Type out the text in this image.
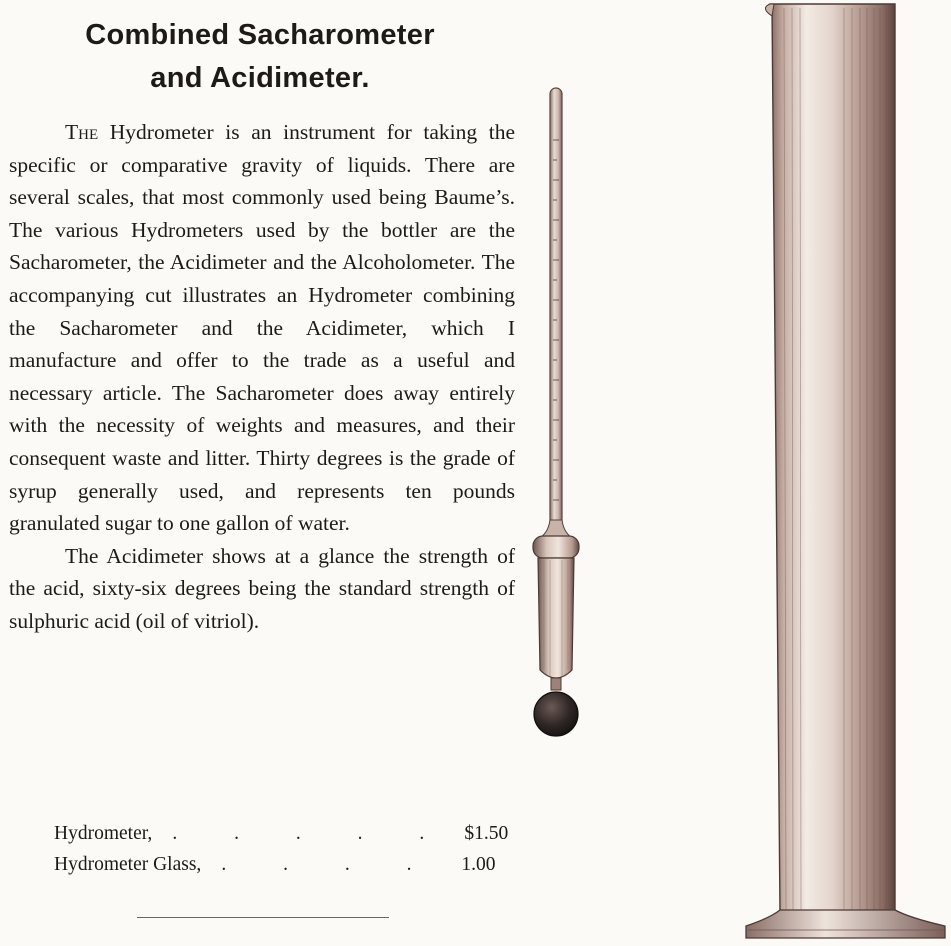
Combined Sacharometer
and Acidimeter.

The Hydrometer is an instrument for taking the specific or comparative gravity of liquids. There are several scales, that most commonly used being Baume’s. The various Hydrometers used by the bottler are the Sacharometer, the Acidimeter and the Alcoholometer. The accompanying cut illustrates an Hydrometer combining the Sacharometer and the Acidimeter, which I manufacture and offer to the trade as a useful and necessary article. The Sacharometer does away entirely with the necessity of weights and measures, and their consequent waste and litter. Thirty degrees is the grade of syrup generally used, and represents ten pounds granulated sugar to one gallon of water.

The Acidimeter shows at a glance the strength of the acid, sixty-six degrees being the standard strength of sulphuric acid (oil of vitriol).

Hydrometer,	. . . . . $1.50
Hydrometer Glass,	. . . .	1.00
